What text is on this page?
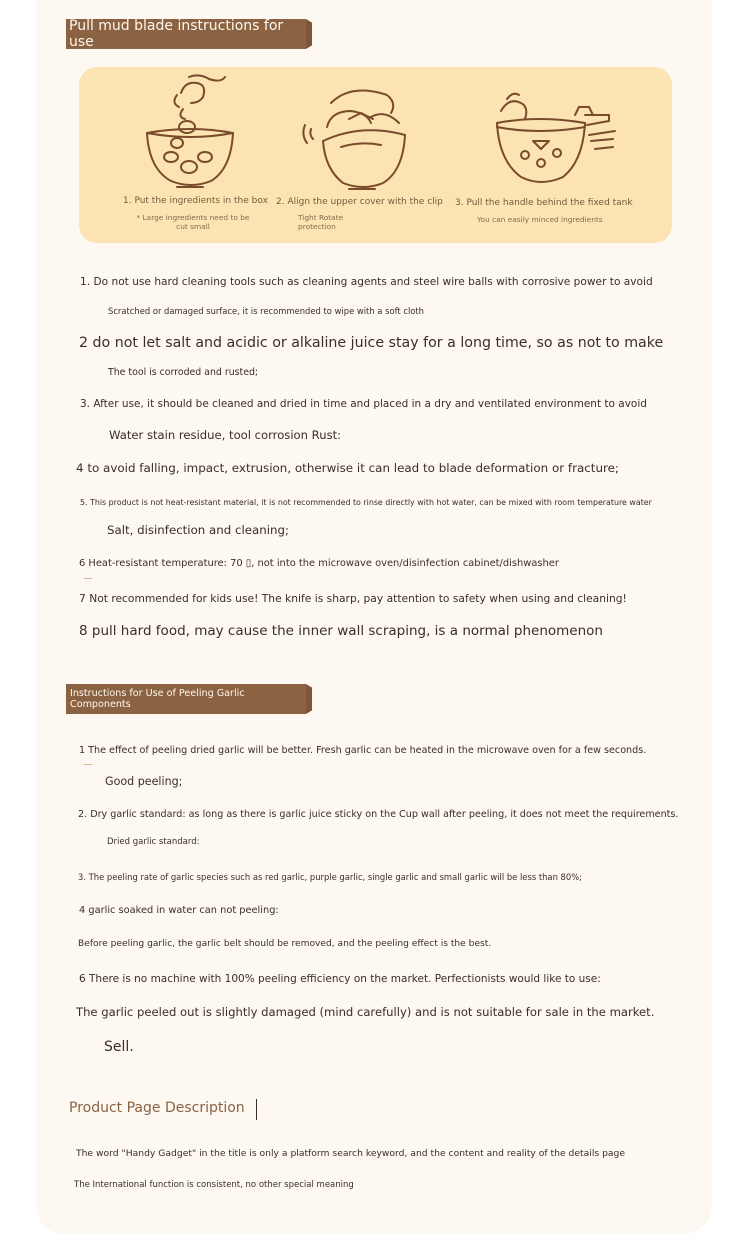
Pull mud blade instructions for use
1. Put the ingredients in the box
* Large ingredients need to be cut small
2. Align the upper cover with the clip
Tight Rotate protection
3. Pull the handle behind the fixed tank
You can easily minced ingredients
1. Do not use hard cleaning tools such as cleaning agents and steel wire balls with corrosive power to avoid
Scratched or damaged surface, it is recommended to wipe with a soft cloth
2 do not let salt and acidic or alkaline juice stay for a long time, so as not to make
The tool is corroded and rusted;
3. After use, it should be cleaned and dried in time and placed in a dry and ventilated environment to avoid
Water stain residue, tool corrosion Rust:
4 to avoid falling, impact, extrusion, otherwise it can lead to blade deformation or fracture;
5. This product is not heat-resistant material, it is not recommended to rinse directly with hot water, can be mixed with room temperature water
Salt, disinfection and cleaning;
6 Heat-resistant temperature: 70 ▯, not into the microwave oven/disinfection cabinet/dishwasher
7 Not recommended for kids use! The knife is sharp, pay attention to safety when using and cleaning!
8 pull hard food, may cause the inner wall scraping, is a normal phenomenon
Instructions for Use of Peeling Garlic Components
1 The effect of peeling dried garlic will be better. Fresh garlic can be heated in the microwave oven for a few seconds.
Good peeling;
2. Dry garlic standard: as long as there is garlic juice sticky on the Cup wall after peeling, it does not meet the requirements.
Dried garlic standard:
3. The peeling rate of garlic species such as red garlic, purple garlic, single garlic and small garlic will be less than 80%;
4 garlic soaked in water can not peeling:
Before peeling garlic, the garlic belt should be removed, and the peeling effect is the best.
6 There is no machine with 100% peeling efficiency on the market. Perfectionists would like to use:
The garlic peeled out is slightly damaged (mind carefully) and is not suitable for sale in the market.
Sell.
Product Page Description
The word "Handy Gadget" in the title is only a platform search keyword, and the content and reality of the details page
The International function is consistent, no other special meaning
